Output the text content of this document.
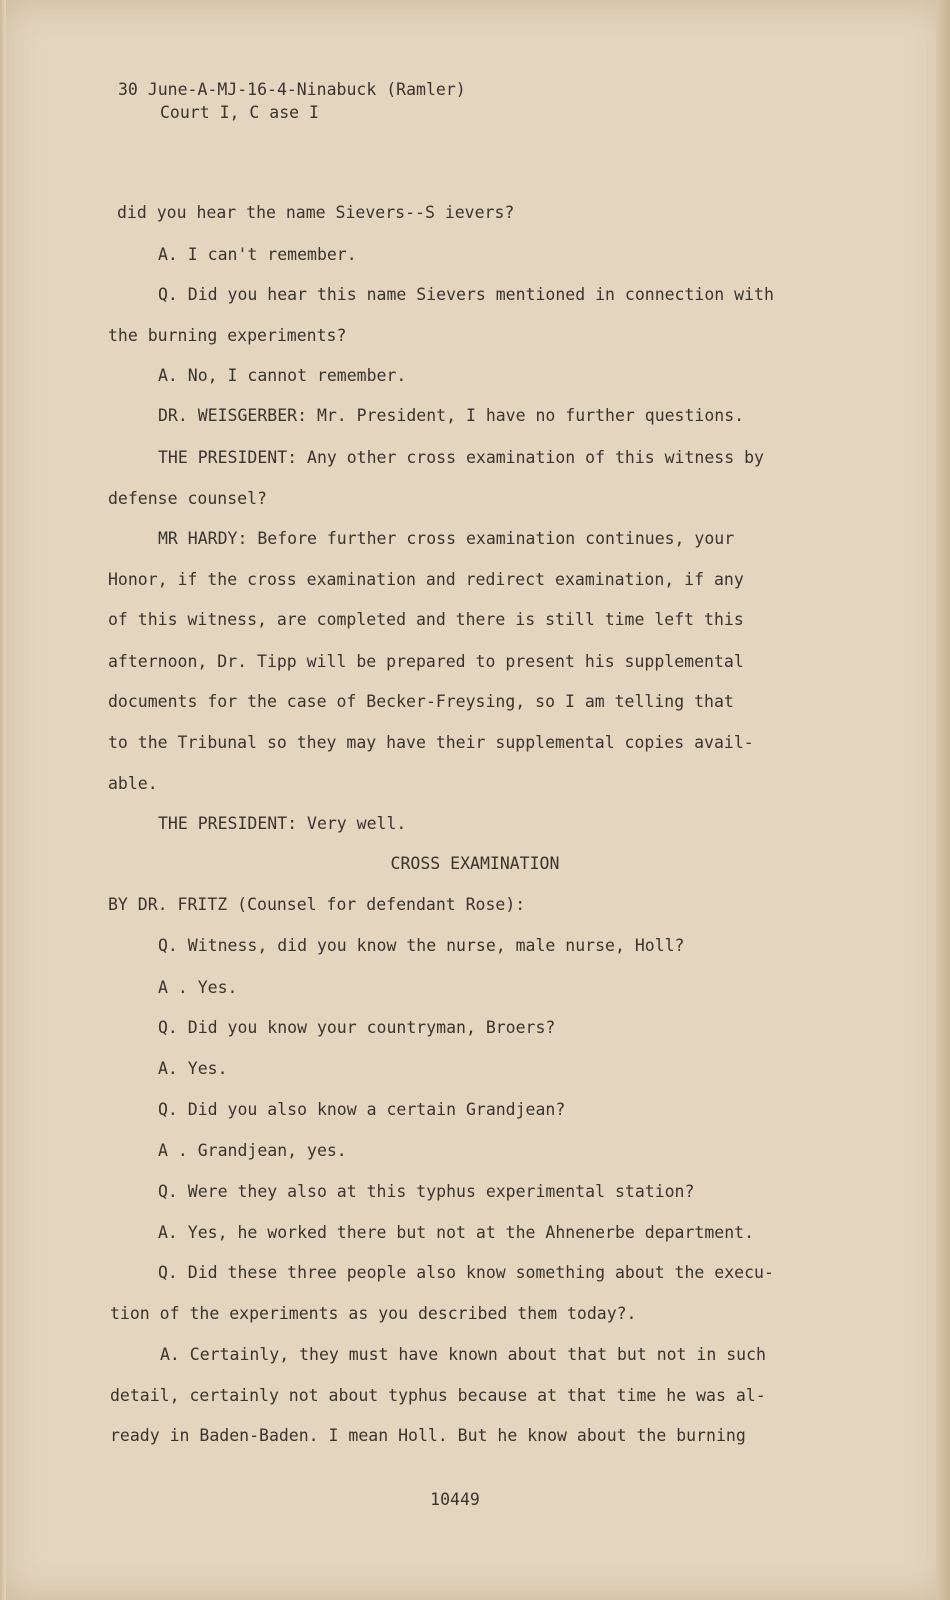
30 June-A-MJ-16-4-Ninabuck (Ramler)
Court I, C ase I
did you hear the name Sievers--S ievers?
A. I can't remember.
Q. Did you hear this name Sievers mentioned in connection with
the burning experiments?
A. No, I cannot remember.
DR. WEISGERBER: Mr. President, I have no further questions.
THE PRESIDENT: Any other cross examination of this witness by
defense counsel?
MR HARDY: Before further cross examination continues, your
Honor, if the cross examination and redirect examination, if any
of this witness, are completed and there is still time left this
afternoon, Dr. Tipp will be prepared to present his supplemental
documents for the case of Becker-Freysing, so I am telling that
to the Tribunal so they may have their supplemental copies avail-
able.
THE PRESIDENT: Very well.
CROSS EXAMINATION
BY DR. FRITZ (Counsel for defendant Rose):
Q. Witness, did you know the nurse, male nurse, Holl?
A . Yes.
Q. Did you know your countryman, Broers?
A. Yes.
Q. Did you also know a certain Grandjean?
A . Grandjean, yes.
Q. Were they also at this typhus experimental station?
A. Yes, he worked there but not at the Ahnenerbe department.
Q. Did these three people also know something about the execu-
tion of the experiments as you described them today?.
A. Certainly, they must have known about that but not in such
detail, certainly not about typhus because at that time he was al-
ready in Baden-Baden. I mean Holl. But he know about the burning
10449
